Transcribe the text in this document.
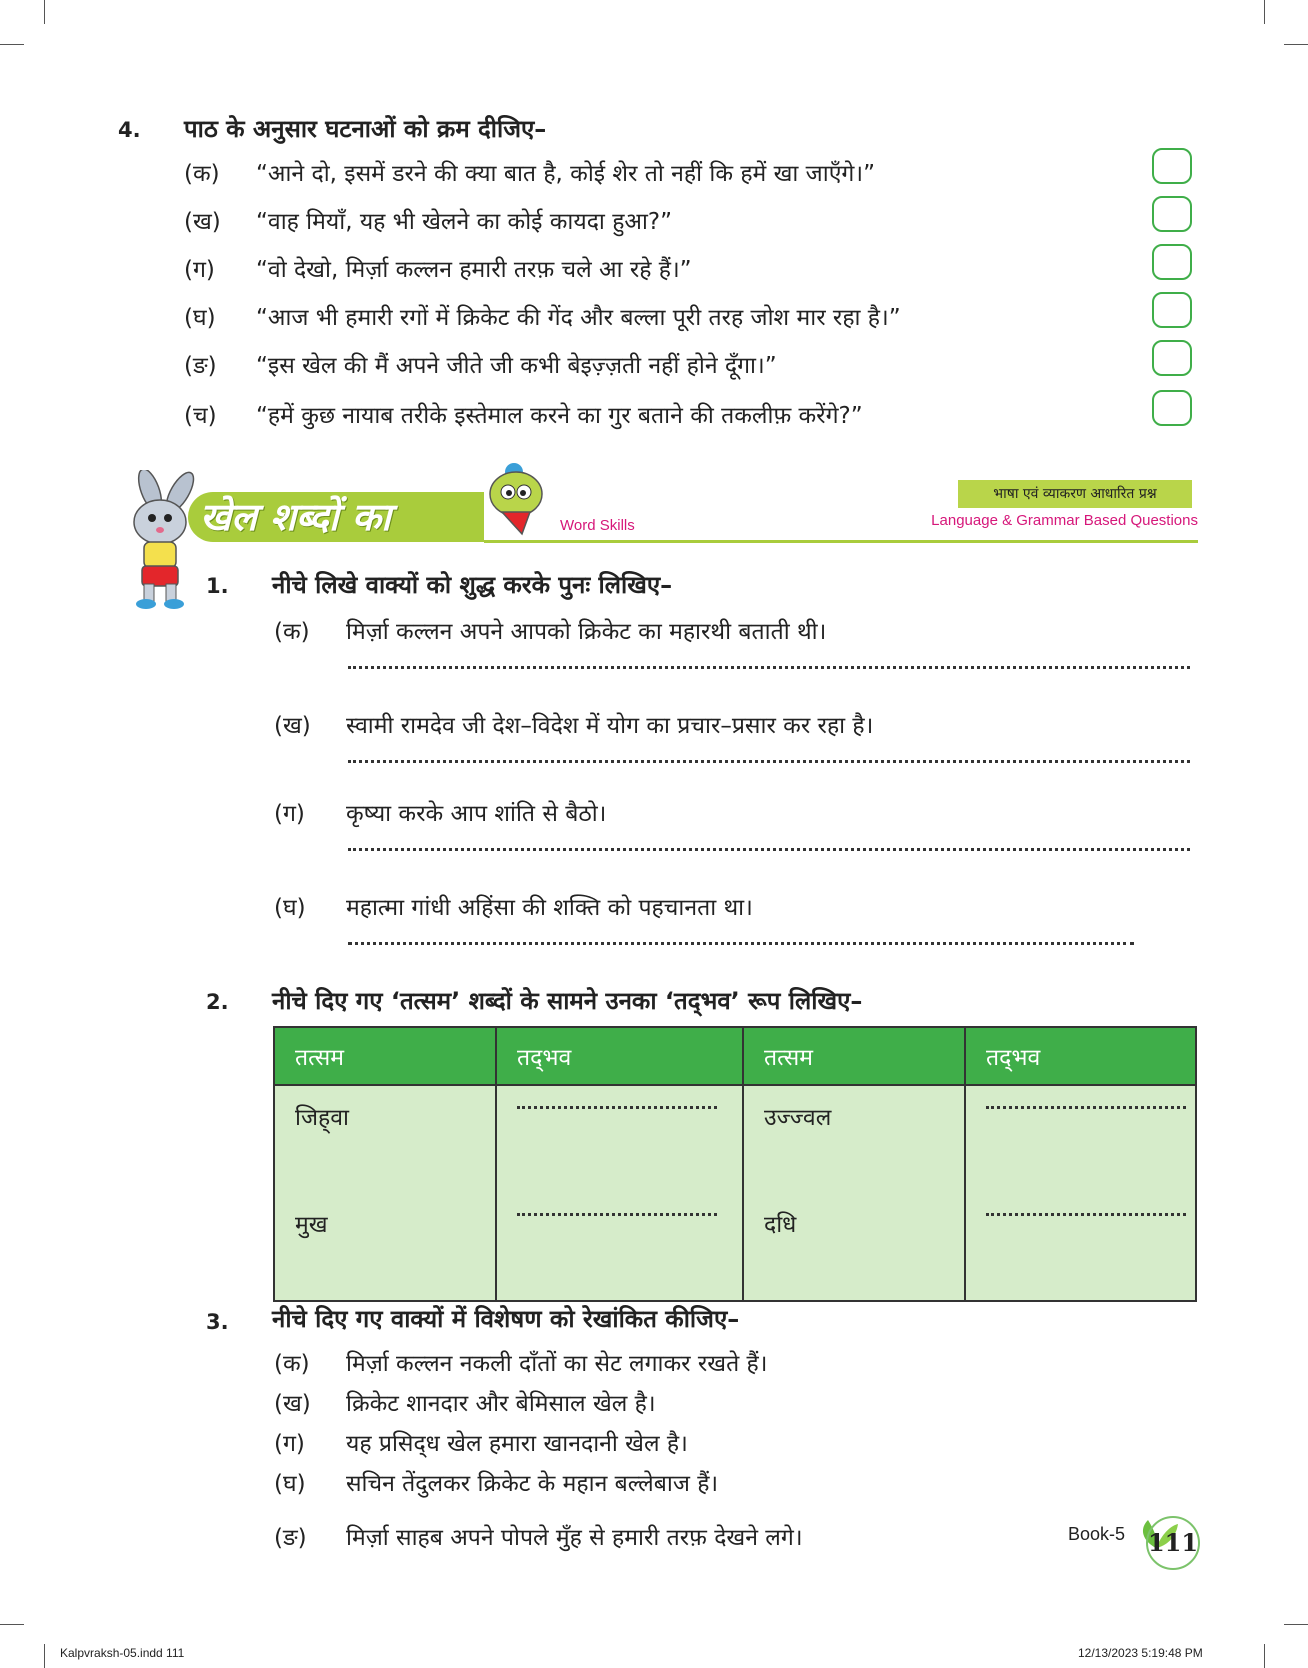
4. पाठ के अनुसार घटनाओं को क्रम दीजिए–
(क)	“आने दो, इसमें डरने की क्या बात है, कोई शेर तो नहीं कि हमें खा जाएँगे।”
(ख)	“वाह मियाँ, यह भी खेलने का कोई कायदा हुआ?”
(ग)	“वो देखो, मिर्ज़ा कल्लन हमारी तरफ़ चले आ रहे हैं।”
(घ)	“आज भी हमारी रगों में क्रिकेट की गेंद और बल्ला पूरी तरह जोश मार रहा है।”
(ङ)	“इस खेल की मैं अपने जीते जी कभी बेइज़्ज़ती नहीं होने दूँगा।”
(च)	“हमें कुछ नायाब तरीके इस्तेमाल करने का गुर बताने की तकलीफ़ करेंगे?”
खेल शब्दों का	Word Skills
भाषा एवं व्याकरण आधारित प्रश्न
Language & Grammar Based Questions
1. नीचे लिखे वाक्यों को शुद्ध करके पुनः लिखिए–
(क)	मिर्ज़ा कल्लन अपने आपको क्रिकेट का महारथी बताती थी।
(ख)	स्वामी रामदेव जी देश–विदेश में योग का प्रचार–प्रसार कर रहा है।
(ग)	कृष्या करके आप शांति से बैठो।
(घ)	महात्मा गांधी अहिंसा की शक्ति को पहचानता था।
2. नीचे दिए गए ‘तत्सम’ शब्दों के सामने उनका ‘तद्‌भव’ रूप लिखिए–
तत्सम	तद्‌भव	तत्सम	तद्‌भव
जिह्‌वा		उज्ज्वल	

मुख		दधि	
3. नीचे दिए गए वाक्यों में विशेषण को रेखांकित कीजिए–
(क)	मिर्ज़ा कल्लन नकली दाँतों का सेट लगाकर रखते हैं।
(ख)	क्रिकेट शानदार और बेमिसाल खेल है।
(ग)	यह प्रसिद्‌ध खेल हमारा खानदानी खेल है।
(घ)	सचिन तेंदुलकर क्रिकेट के महान बल्लेबाज हैं।
(ङ)	मिर्ज़ा साहब अपने पोपले मुँह से हमारी तरफ़ देखने लगे।	Book-5 111
Kalpvraksh-05.indd 111	12/13/2023 5:19:48 PM
